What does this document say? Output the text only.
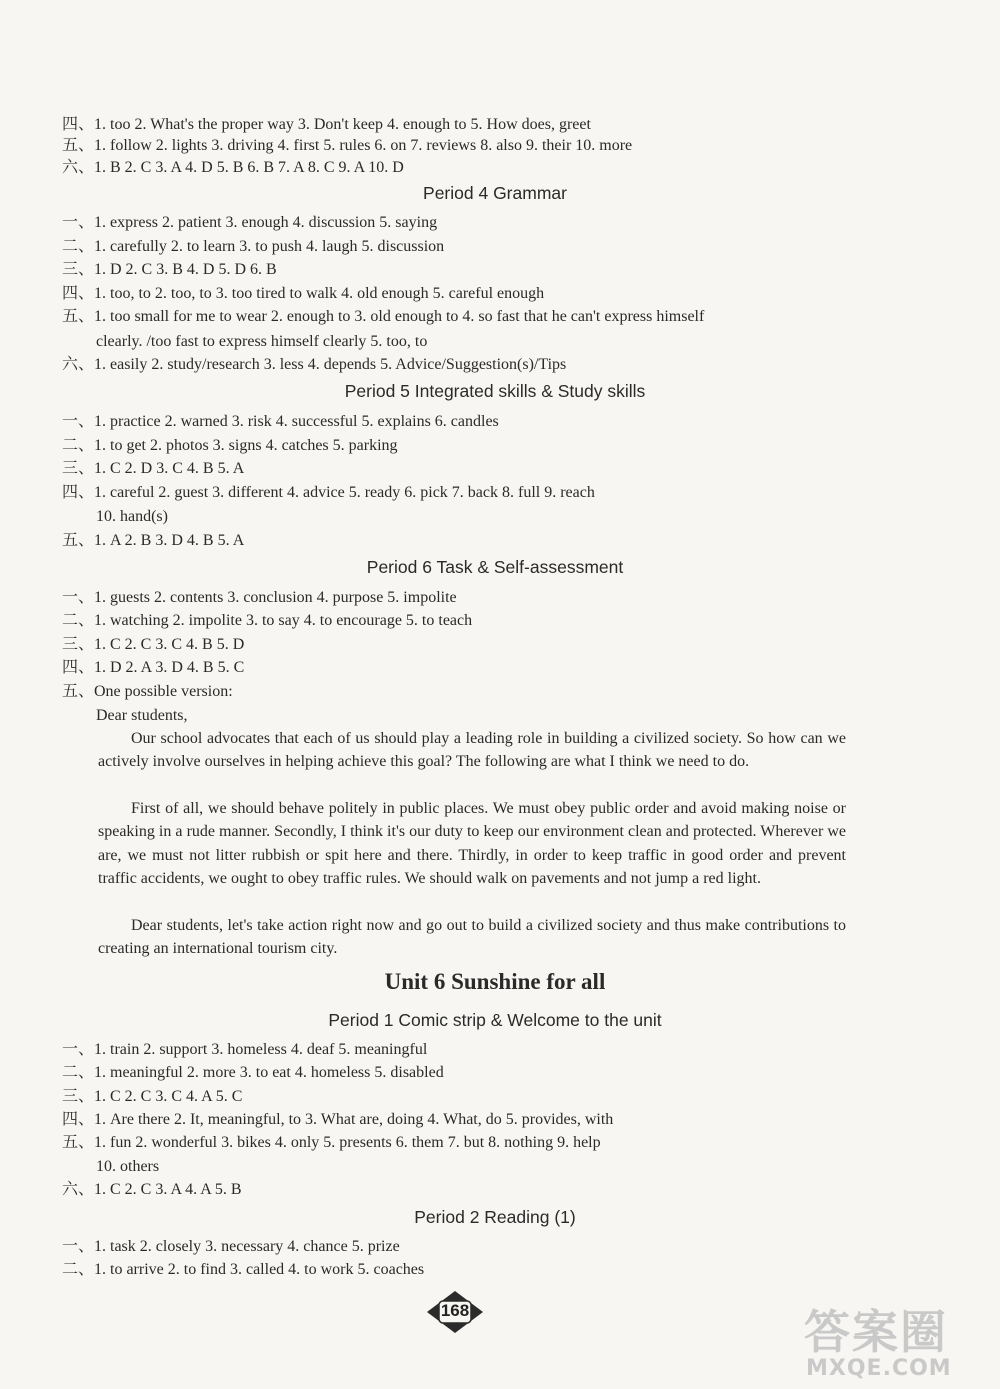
四、1. too 2. What's the proper way 3. Don't keep 4. enough to 5. How does, greet
五、1. follow 2. lights 3. driving 4. first 5. rules 6. on 7. reviews 8. also 9. their 10. more
六、1. B 2. C 3. A 4. D 5. B 6. B 7. A 8. C 9. A 10. D
Period 4 Grammar
一、1. express 2. patient 3. enough 4. discussion 5. saying
二、1. carefully 2. to learn 3. to push 4. laugh 5. discussion
三、1. D 2. C 3. B 4. D 5. D 6. B
四、1. too, to 2. too, to 3. too tired to walk 4. old enough 5. careful enough
五、1. too small for me to wear 2. enough to 3. old enough to 4. so fast that he can't express himself
clearly. /too fast to express himself clearly 5. too, to
六、1. easily 2. study/research 3. less 4. depends 5. Advice/Suggestion(s)/Tips
Period 5 Integrated skills & Study skills
一、1. practice 2. warned 3. risk 4. successful 5. explains 6. candles
二、1. to get 2. photos 3. signs 4. catches 5. parking
三、1. C 2. D 3. C 4. B 5. A
四、1. careful 2. guest 3. different 4. advice 5. ready 6. pick 7. back 8. full 9. reach
10. hand(s)
五、1. A 2. B 3. D 4. B 5. A
Period 6 Task & Self-assessment
一、1. guests 2. contents 3. conclusion 4. purpose 5. impolite
二、1. watching 2. impolite 3. to say 4. to encourage 5. to teach
三、1. C 2. C 3. C 4. B 5. D
四、1. D 2. A 3. D 4. B 5. C
五、One possible version:
Dear students,
Our school advocates that each of us should play a leading role in building a civilized society. So how can we actively involve ourselves in helping achieve this goal? The following are what I think we need to do.
First of all, we should behave politely in public places. We must obey public order and avoid making noise or speaking in a rude manner. Secondly, I think it's our duty to keep our environment clean and protected. Wherever we are, we must not litter rubbish or spit here and there. Thirdly, in order to keep traffic in good order and prevent traffic accidents, we ought to obey traffic rules. We should walk on pavements and not jump a red light.
Dear students, let's take action right now and go out to build a civilized society and thus make contributions to creating an international tourism city.
Unit 6 Sunshine for all
Period 1 Comic strip & Welcome to the unit
一、1. train 2. support 3. homeless 4. deaf 5. meaningful
二、1. meaningful 2. more 3. to eat 4. homeless 5. disabled
三、1. C 2. C 3. C 4. A 5. C
四、1. Are there 2. It, meaningful, to 3. What are, doing 4. What, do 5. provides, with
五、1. fun 2. wonderful 3. bikes 4. only 5. presents 6. them 7. but 8. nothing 9. help
10. others
六、1. C 2. C 3. A 4. A 5. B
Period 2 Reading (1)
一、1. task 2. closely 3. necessary 4. chance 5. prize
二、1. to arrive 2. to find 3. called 4. to work 5. coaches
168	答案圈
MXQE.COM
